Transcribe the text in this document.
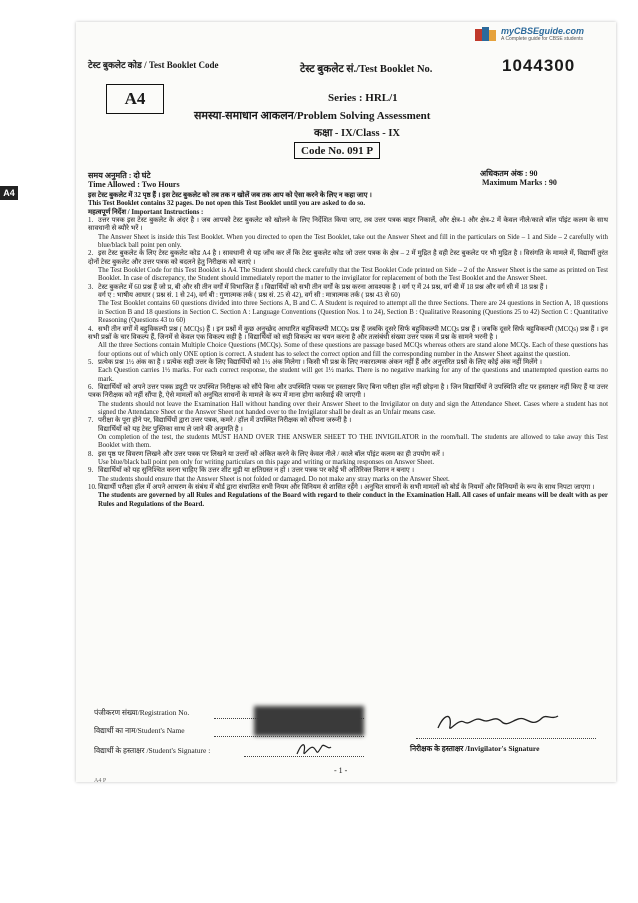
A4
myCBSEguide.com
A Complete guide for CBSE students
टेस्ट बुकलेट कोड / Test Booklet Code	टेस्ट बुकलेट सं./Test Booklet No.	1044300
A4	Series : HRL/1
समस्या-समाधान आकलन/Problem Solving Assessment
कक्षा - IX/Class - IX
Code No. 091 P
समय अनुमति : दो घंटे
Time Allowed : Two Hours
अधिकतम अंक : 90
Maximum Marks : 90

इस टेस्ट बुकलेट में 32 पृष्ठ हैं । इस टेस्ट बुकलेट को तब तक न खोलें जब तक आप को ऐसा करने के लिए न कहा जाए ।

This Test Booklet contains 32 pages. Do not open this Test Booklet until you are asked to do so.

महत्वपूर्ण निर्देश / Important Instructions :

1. उत्तर पत्रक इस टेस्ट बुकलेट के अंदर है । जब आपको टेस्ट बुकलेट को खोलने के लिए निर्देशित किया जाए, तब उत्तर पत्रक बाहर निकालें, और क्षेत्र-1 और क्षेत्र-2 में केवल नीले/काले बॉल पॉइंट कलम के साथ सावधानी से ब्यौरे भरें ।

The Answer Sheet is inside this Test Booklet. When you directed to open the Test Booklet, take out the Answer Sheet and fill in the particulars on Side – 1 and Side – 2 carefully with blue/black ball point pen only.

2. इस टेस्ट बुकलेट के लिए टेस्ट बुकलेट कोड A4 है । सावधानी से यह जाँच कर लें कि टेस्ट बुकलेट कोड जो उत्तर पत्रक के क्षेत्र – 2 में मुद्रित है वही टेस्ट बुकलेट पर भी मुद्रित है । विसंगति के मामले में, विद्यार्थी तुरंत दोनों टेस्ट बुकलेट और उत्तर पत्रक को बदलने हेतु निरीक्षक को बताएं ।

The Test Booklet Code for this Test Booklet is A4. The Student should check carefully that the Test Booklet Code printed on Side – 2 of the Answer Sheet is the same as printed on Test Booklet. In case of discrepancy, the Student should immediately report the matter to the invigilator for replacement of both the Test Booklet and the Answer Sheet.

3. टेस्ट बुकलेट में 60 प्रश्न हैं जो प्र, बी और सी तीन वर्गों में विभाजित हैं । विद्यार्थियों को सभी तीन वर्गों के प्रश्न करना आवश्यक है । वर्ग ए में 24 प्रश्न, वर्ग बी में 18 प्रश्न और वर्ग सी में 18 प्रश्न हैं ।

वर्ग ए : भाषीय आधार ( प्रश्न सं. 1 से 24), वर्ग बी : गुणात्मक तर्क ( प्रश्न सं. 25 से 42), वर्ग सी : मात्रात्मक तर्क ( प्रश्न 43 से 60)

The Test Booklet contains 60 questions divided into three Sections A, B and C. A Student is required to attempt all the three Sections. There are 24 questions in Section A, 18 questions in Section B and 18 questions in Section C. Section A : Language Conventions (Question Nos. 1 to 24), Section B : Qualitative Reasoning (Questions 25 to 42) Section C : Quantitative Reasoning (Questions 43 to 60)

4. सभी तीन वर्गों में बहुविकल्पी प्रश्न ( MCQs) हैं । इन प्रश्नों में कुछ अनुच्छेद आधारित बहुविकल्पी MCQs प्रश्न हैं जबकि दूसरे सिर्फ बहुविकल्पी MCQs प्रश्न हैं । जबकि दूसरे सिर्फ बहुविकल्पी (MCQs) प्रश्न हैं । इन सभी प्रश्नों के चार विकल्प हैं, जिनमें से केवल एक विकल्प सही है । विद्यार्थियों को सही विकल्प का चयन करना है और तत्संबंधी संख्या उत्तर पत्रक में प्रश्न के सामने भरनी है ।

All the three Sections contain Multiple Choice Questions (MCQs). Some of these questions are passage based MCQs whereas others are stand alone MCQs. Each of these questions has four options out of which only ONE option is correct. A student has to select the correct option and fill the corresponding number in the Answer Sheet against the question.

5. प्रत्येक प्रश्न 1½ अंक का है । प्रत्येक सही उत्तर के लिए विद्यार्थियों को 1½ अंक मिलेगा । किसी भी प्रश्न के लिए नकारात्मक अंकन नहीं हैं और अनुत्तरित प्रश्नों के लिए कोई अंक नहीं मिलेंगे ।

Each Question carries 1½ marks. For each correct response, the student will get 1½ marks. There is no negative marking for any of the questions and unattempted question earns no mark.

6. विद्यार्थियों को अपने उत्तर पत्रक ड्यूटी पर उपस्थित निरीक्षक को सौंपे बिना और उपस्थिति पत्रक पर हस्ताक्षर किए बिना परीक्षा हॉल नहीं छोड़ना है । जिन विद्यार्थियों ने उपस्थिति शीट पर हस्ताक्षर नहीं किए हैं या उत्तर पत्रक निरीक्षक को नहीं सौंपा है, ऐसे मामलों को अनुचित साधनों के मामले के रूप में माना होगा कार्रवाई की जाएगी ।

The students should not leave the Examination Hall without handing over their Answer Sheet to the Invigilator on duty and sign the Attendance Sheet. Cases where a student has not signed the Attendance Sheet or the Answer Sheet not handed over to the Invigilator shall be dealt as an Unfair means case.

7. परीक्षा के पूरा होने पर, विद्यार्थियों द्वारा उत्तर पत्रक, कमरे / हॉल में उपस्थित निरीक्षक को सौंपना जरूरी है ।

विद्यार्थियों को यह टेस्ट पुस्तिका साथ ले जाने की अनुमति है ।

On completion of the test, the students MUST HAND OVER THE ANSWER SHEET TO THE INVIGILATOR in the room/hall. The students are allowed to take away this Test Booklet with them.

8. इस पृष्ठ पर विवरण लिखने और उत्तर पत्रक पर लिखने या उत्तरों को अंकित करने के लिए केवल नीले / काले बॉल पॉइंट कलम का ही उपयोग करें ।

Use blue/black ball point pen only for writing particulars on this page and writing or marking responses on Answer Sheet.

9. विद्यार्थियों को यह सुनिश्चित करना चाहिए कि उत्तर शीट मुड़ी या क्षतिग्रस्त न हो । उत्तर पत्रक पर कोई भी अतिरिक्त निशान न बनाए ।

The students should ensure that the Answer Sheet is not folded or damaged. Do not make any stray marks on the Answer Sheet.

10.विद्यार्थी परीक्षा हॉल में अपने आचरण के संबंध में बोर्ड द्वारा संचालित सभी नियम और विनियम से शासित रहेंगे । अनुचित साधनों के सभी मामलों को बोर्ड के नियमों और विनियमों के रूप के साथ निपटा जाएगा ।

The students are governed by all Rules and Regulations of the Board with regard to their conduct in the Examination Hall. All cases of unfair means will be dealt with as per Rules and Regulations of the Board.

पंजीकरण संख्या/Registration No.
विद्यार्थी का नाम/Student's Name
विद्यार्थी के हस्ताक्षर /Student's Signature :	निरीक्षक के हस्ताक्षर /Invigilator's Signature
- 1 -
A4 P
